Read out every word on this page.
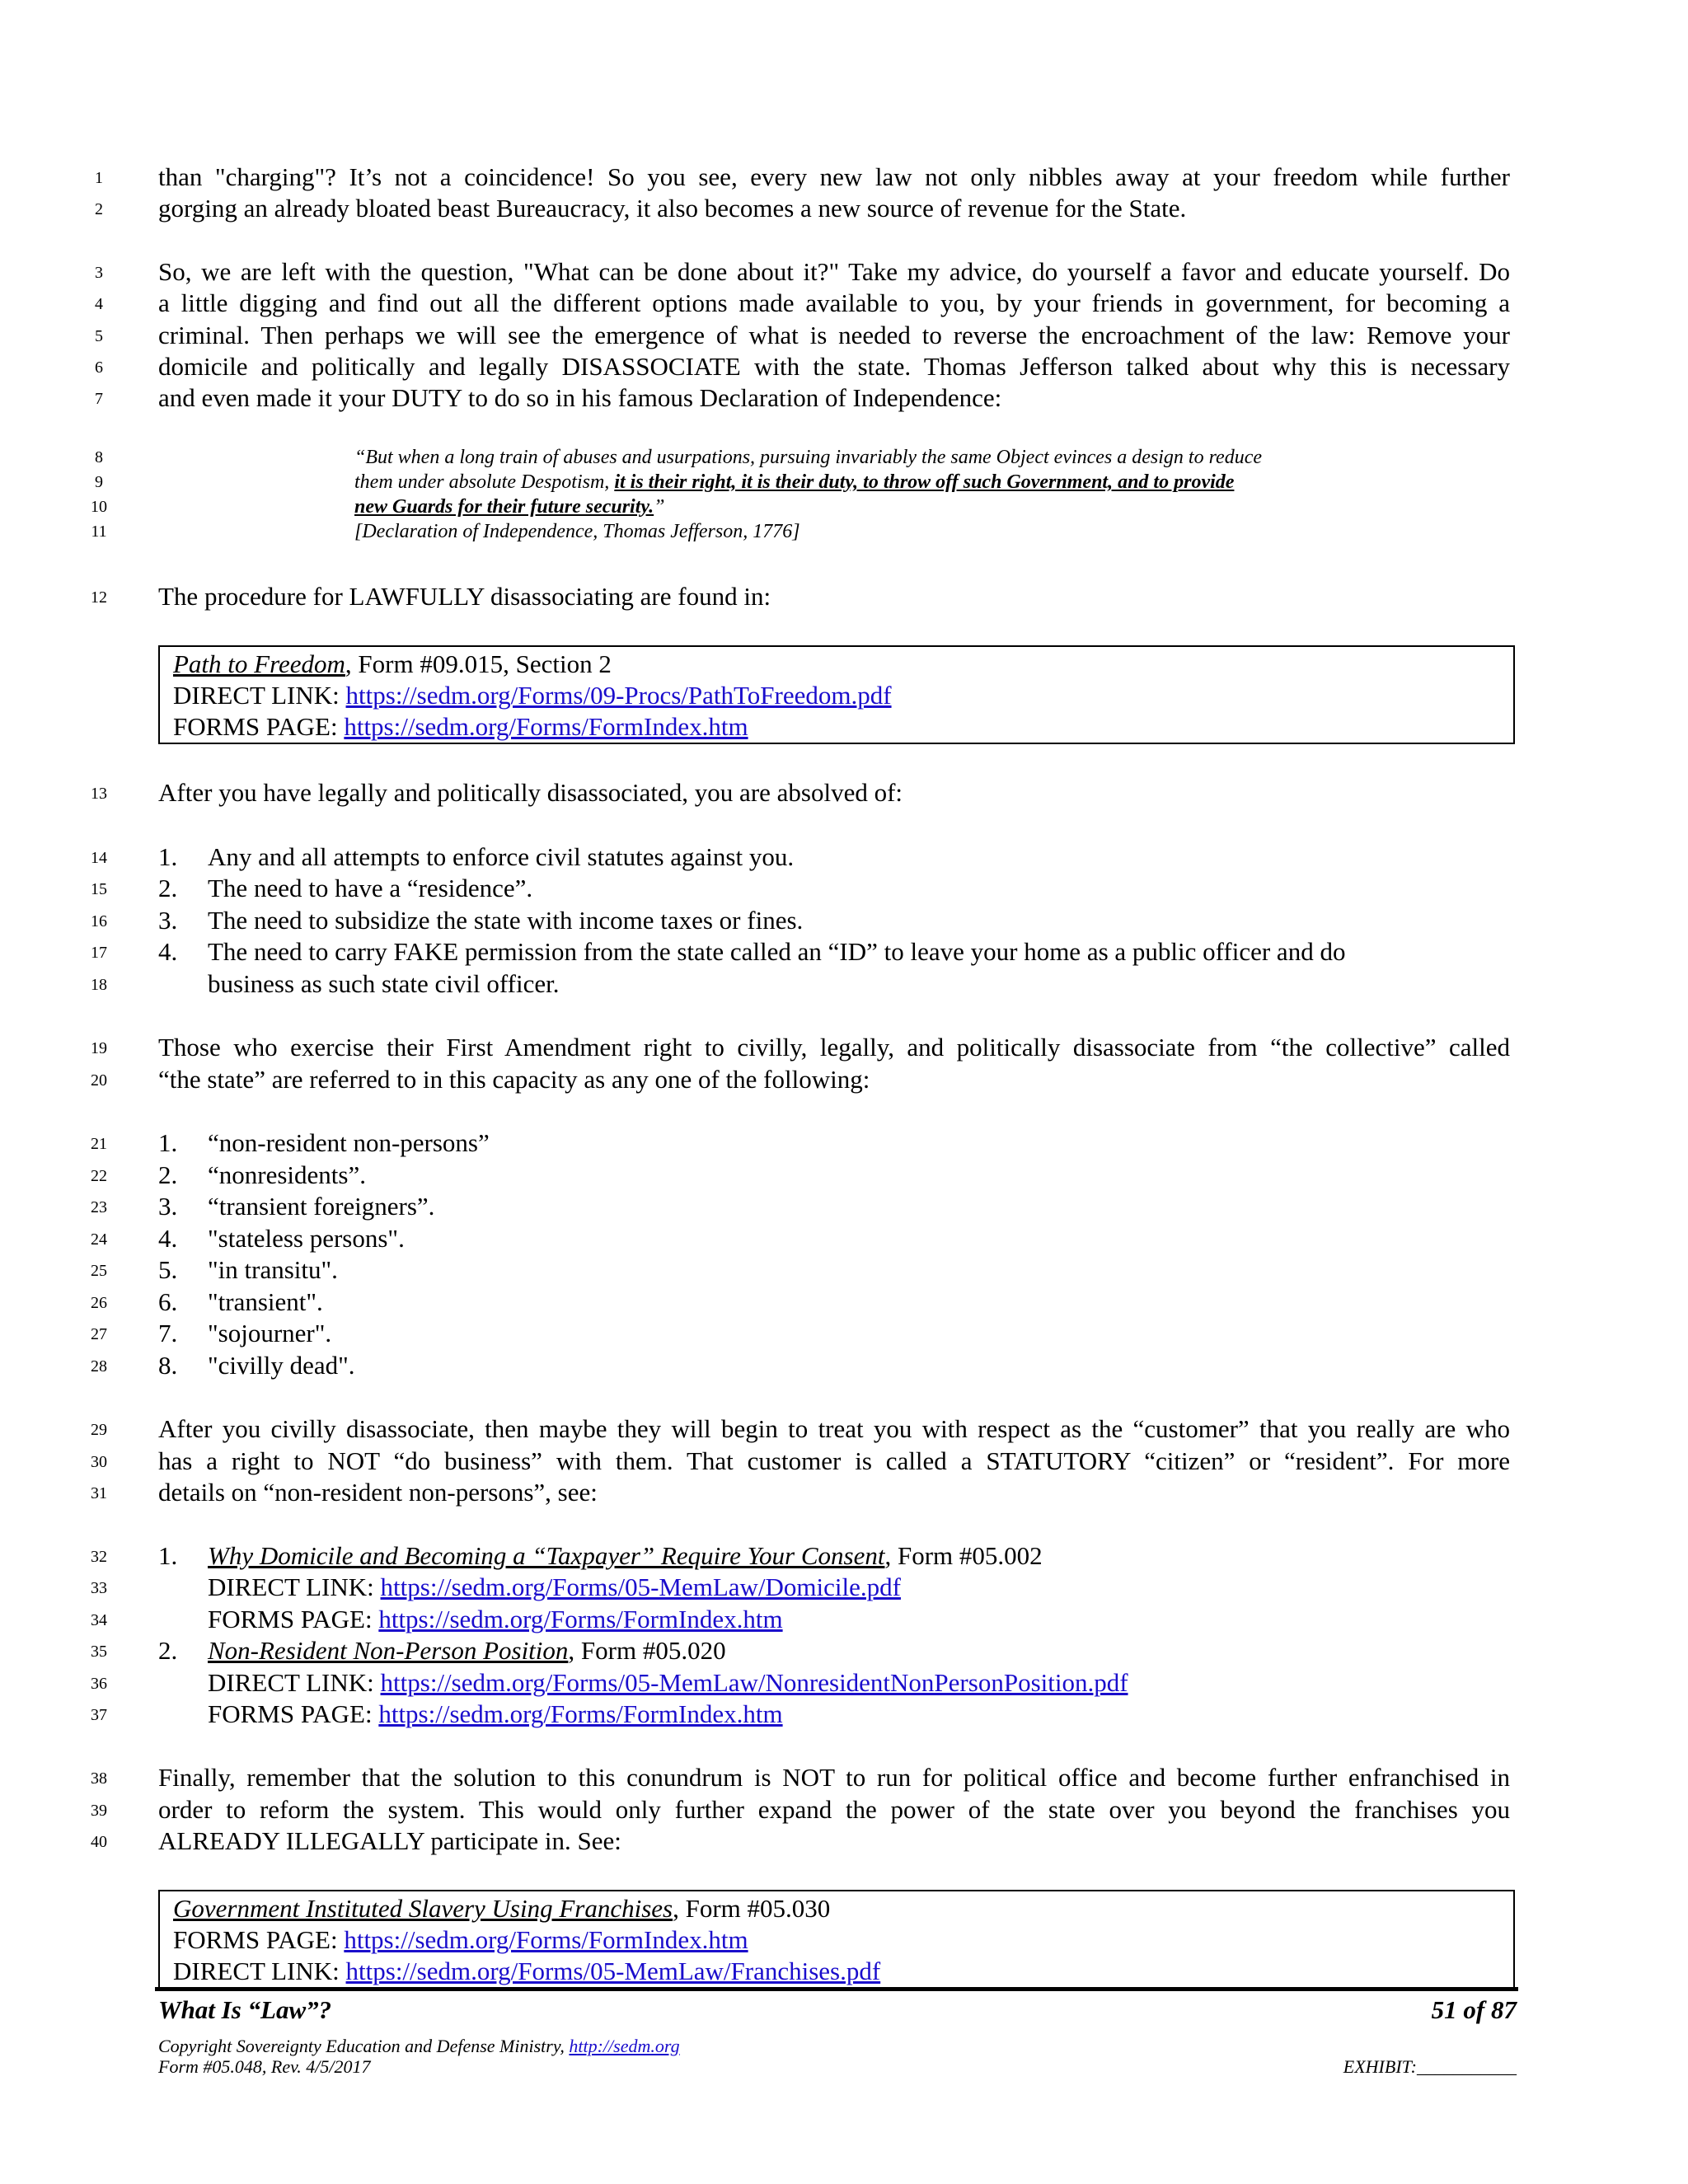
1
2
3
4
5
6
7
8
9
10
11
12
13
14
15
16
17
18
19
20
21
22
23
24
25
26
27
28
29
30
31
32
33
34
35
36
37
38
39
40
than "charging"? It’s not a coincidence! So you see, every new law not only nibbles away at your freedom while further
gorging an already bloated beast Bureaucracy, it also becomes a new source of revenue for the State.
So, we are left with the question, "What can be done about it?" Take my advice, do yourself a favor and educate yourself. Do
a little digging and find out all the different options made available to you, by your friends in government, for becoming a
criminal. Then perhaps we will see the emergence of what is needed to reverse the encroachment of the law: Remove your
domicile and politically and legally DISASSOCIATE with the state. Thomas Jefferson talked about why this is necessary
and even made it your DUTY to do so in his famous Declaration of Independence:
“But when a long train of abuses and usurpations, pursuing invariably the same Object evinces a design to reduce
them under absolute Despotism, it is their right, it is their duty, to throw off such Government, and to provide
new Guards for their future security.”
[Declaration of Independence, Thomas Jefferson, 1776]
The procedure for LAWFULLY disassociating are found in:
Path to Freedom, Form #09.015, Section 2
DIRECT LINK: https://sedm.org/Forms/09-Procs/PathToFreedom.pdf
FORMS PAGE: https://sedm.org/Forms/FormIndex.htm
After you have legally and politically disassociated, you are absolved of:
1. Any and all attempts to enforce civil statutes against you.
2. The need to have a “residence”.
3. The need to subsidize the state with income taxes or fines.
4. The need to carry FAKE permission from the state called an “ID” to leave your home as a public officer and do
business as such state civil officer.
Those who exercise their First Amendment right to civilly, legally, and politically disassociate from “the collective” called
“the state” are referred to in this capacity as any one of the following:
1. “non-resident non-persons”
2. “nonresidents”.
3. “transient foreigners”.
4. "stateless persons".
5. "in transitu".
6. "transient".
7. "sojourner".
8. "civilly dead".
After you civilly disassociate, then maybe they will begin to treat you with respect as the “customer” that you really are who
has a right to NOT “do business” with them. That customer is called a STATUTORY “citizen” or “resident”. For more
details on “non-resident non-persons”, see:
1. Why Domicile and Becoming a “Taxpayer” Require Your Consent, Form #05.002
DIRECT LINK: https://sedm.org/Forms/05-MemLaw/Domicile.pdf
FORMS PAGE: https://sedm.org/Forms/FormIndex.htm
2. Non-Resident Non-Person Position, Form #05.020
DIRECT LINK: https://sedm.org/Forms/05-MemLaw/NonresidentNonPersonPosition.pdf
FORMS PAGE: https://sedm.org/Forms/FormIndex.htm
Finally, remember that the solution to this conundrum is NOT to run for political office and become further enfranchised in
order to reform the system. This would only further expand the power of the state over you beyond the franchises you
ALREADY ILLEGALLY participate in. See:
Government Instituted Slavery Using Franchises, Form #05.030
FORMS PAGE: https://sedm.org/Forms/FormIndex.htm
DIRECT LINK: https://sedm.org/Forms/05-MemLaw/Franchises.pdf
What Is “Law”?	51 of 87
Copyright Sovereignty Education and Defense Ministry, http://sedm.org
Form #05.048, Rev. 4/5/2017	EXHIBIT:___________
